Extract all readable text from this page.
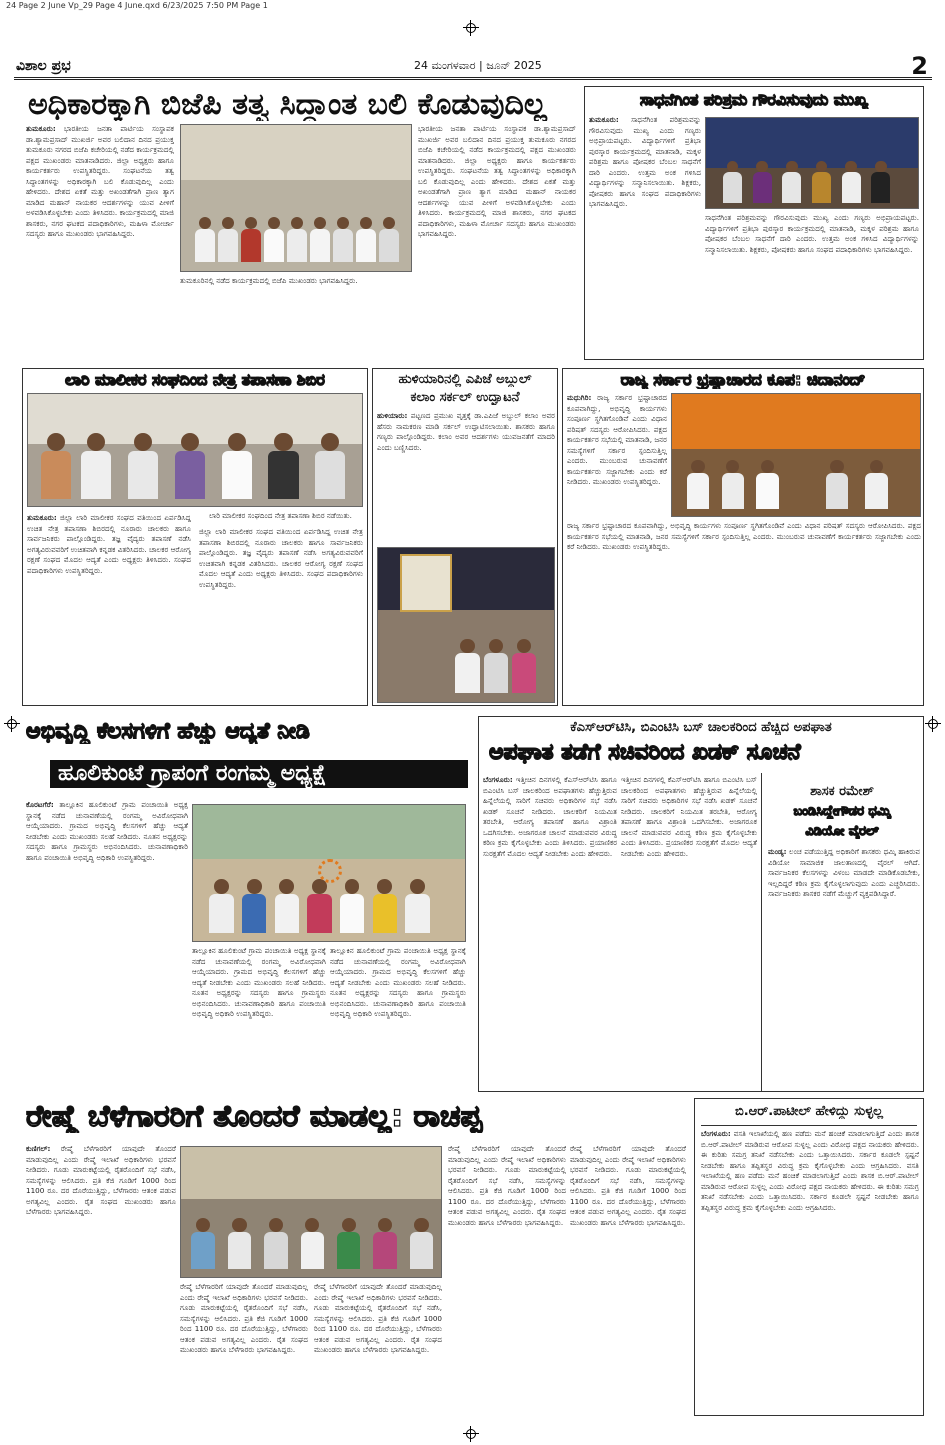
24 Page 2 June Vp_29 Page 4 June.qxd 6/23/2025 7:50 PM Page 1
ವಿಶಾಲ ಪ್ರಭ	24 ಮಂಗಳವಾರ | ಜೂನ್ 2025	2
ಅಧಿಕಾರಕ್ಕಾಗಿ ಬಿಜೆಪಿ ತತ್ವ ಸಿದ್ಧಾಂತ ಬಲಿ ಕೊಡುವುದಿಲ್ಲ
ತುಮಕೂರು: ಭಾರತೀಯ ಜನತಾ ಪಾರ್ಟಿಯ ಸಂಸ್ಥಾಪಕ ಡಾ.ಶ್ಯಾಮಪ್ರಸಾದ್ ಮುಖರ್ಜಿ ಅವರ ಬಲಿದಾನ ದಿನದ ಪ್ರಯುಕ್ತ ತುಮಕೂರು ನಗರದ ಬಿಜೆಪಿ ಕಚೇರಿಯಲ್ಲಿ ನಡೆದ ಕಾರ್ಯಕ್ರಮದಲ್ಲಿ ಪಕ್ಷದ ಮುಖಂಡರು ಮಾತನಾಡಿದರು. ಜಿಲ್ಲಾ ಅಧ್ಯಕ್ಷರು ಹಾಗೂ ಕಾರ್ಯಕರ್ತರು ಉಪಸ್ಥಿತರಿದ್ದರು. ಸಂಘಟನೆಯ ತತ್ವ ಸಿದ್ಧಾಂತಗಳನ್ನು ಅಧಿಕಾರಕ್ಕಾಗಿ ಬಲಿ ಕೊಡುವುದಿಲ್ಲ ಎಂದು ಹೇಳಿದರು. ದೇಶದ ಏಕತೆ ಮತ್ತು ಅಖಂಡತೆಗಾಗಿ ಪ್ರಾಣ ತ್ಯಾಗ ಮಾಡಿದ ಮಹಾನ್ ನಾಯಕರ ಆದರ್ಶಗಳನ್ನು ಯುವ ಪೀಳಿಗೆ ಅಳವಡಿಸಿಕೊಳ್ಳಬೇಕು ಎಂದು ತಿಳಿಸಿದರು. ಕಾರ್ಯಕ್ರಮದಲ್ಲಿ ಮಾಜಿ ಶಾಸಕರು, ನಗರ ಘಟಕದ ಪದಾಧಿಕಾರಿಗಳು, ಮಹಿಳಾ ಮೋರ್ಚಾ ಸದಸ್ಯರು ಹಾಗೂ ಮುಖಂಡರು ಭಾಗವಹಿಸಿದ್ದರು.
ತುಮಕೂರಿನಲ್ಲಿ ನಡೆದ ಕಾರ್ಯಕ್ರಮದಲ್ಲಿ ಬಿಜೆಪಿ ಮುಖಂಡರು ಭಾಗವಹಿಸಿದ್ದರು.
ಭಾರತೀಯ ಜನತಾ ಪಾರ್ಟಿಯ ಸಂಸ್ಥಾಪಕ ಡಾ.ಶ್ಯಾಮಪ್ರಸಾದ್ ಮುಖರ್ಜಿ ಅವರ ಬಲಿದಾನ ದಿನದ ಪ್ರಯುಕ್ತ ತುಮಕೂರು ನಗರದ ಬಿಜೆಪಿ ಕಚೇರಿಯಲ್ಲಿ ನಡೆದ ಕಾರ್ಯಕ್ರಮದಲ್ಲಿ ಪಕ್ಷದ ಮುಖಂಡರು ಮಾತನಾಡಿದರು. ಜಿಲ್ಲಾ ಅಧ್ಯಕ್ಷರು ಹಾಗೂ ಕಾರ್ಯಕರ್ತರು ಉಪಸ್ಥಿತರಿದ್ದರು. ಸಂಘಟನೆಯ ತತ್ವ ಸಿದ್ಧಾಂತಗಳನ್ನು ಅಧಿಕಾರಕ್ಕಾಗಿ ಬಲಿ ಕೊಡುವುದಿಲ್ಲ ಎಂದು ಹೇಳಿದರು. ದೇಶದ ಏಕತೆ ಮತ್ತು ಅಖಂಡತೆಗಾಗಿ ಪ್ರಾಣ ತ್ಯಾಗ ಮಾಡಿದ ಮಹಾನ್ ನಾಯಕರ ಆದರ್ಶಗಳನ್ನು ಯುವ ಪೀಳಿಗೆ ಅಳವಡಿಸಿಕೊಳ್ಳಬೇಕು ಎಂದು ತಿಳಿಸಿದರು. ಕಾರ್ಯಕ್ರಮದಲ್ಲಿ ಮಾಜಿ ಶಾಸಕರು, ನಗರ ಘಟಕದ ಪದಾಧಿಕಾರಿಗಳು, ಮಹಿಳಾ ಮೋರ್ಚಾ ಸದಸ್ಯರು ಹಾಗೂ ಮುಖಂಡರು ಭಾಗವಹಿಸಿದ್ದರು.
ಸಾಧನೆಗಿಂತ ಪರಿಶ್ರಮ ಗೌರವಿಸುವುದು ಮುಖ್ಯ
ತುಮಕೂರು: ಸಾಧನೆಗಿಂತ ಪರಿಶ್ರಮವನ್ನು ಗೌರವಿಸುವುದು ಮುಖ್ಯ ಎಂದು ಗಣ್ಯರು ಅಭಿಪ್ರಾಯಪಟ್ಟರು. ವಿದ್ಯಾರ್ಥಿಗಳಿಗೆ ಪ್ರತಿಭಾ ಪುರಸ್ಕಾರ ಕಾರ್ಯಕ್ರಮದಲ್ಲಿ ಮಾತನಾಡಿ, ಮಕ್ಕಳ ಪರಿಶ್ರಮ ಹಾಗೂ ಪೋಷಕರ ಬೆಂಬಲ ಸಾಧನೆಗೆ ದಾರಿ ಎಂದರು. ಉತ್ತಮ ಅಂಕ ಗಳಿಸಿದ ವಿದ್ಯಾರ್ಥಿಗಳನ್ನು ಸನ್ಮಾನಿಸಲಾಯಿತು. ಶಿಕ್ಷಕರು, ಪೋಷಕರು ಹಾಗೂ ಸಂಘದ ಪದಾಧಿಕಾರಿಗಳು ಭಾಗವಹಿಸಿದ್ದರು.
ಸಾಧನೆಗಿಂತ ಪರಿಶ್ರಮವನ್ನು ಗೌರವಿಸುವುದು ಮುಖ್ಯ ಎಂದು ಗಣ್ಯರು ಅಭಿಪ್ರಾಯಪಟ್ಟರು. ವಿದ್ಯಾರ್ಥಿಗಳಿಗೆ ಪ್ರತಿಭಾ ಪುರಸ್ಕಾರ ಕಾರ್ಯಕ್ರಮದಲ್ಲಿ ಮಾತನಾಡಿ, ಮಕ್ಕಳ ಪರಿಶ್ರಮ ಹಾಗೂ ಪೋಷಕರ ಬೆಂಬಲ ಸಾಧನೆಗೆ ದಾರಿ ಎಂದರು. ಉತ್ತಮ ಅಂಕ ಗಳಿಸಿದ ವಿದ್ಯಾರ್ಥಿಗಳನ್ನು ಸನ್ಮಾನಿಸಲಾಯಿತು. ಶಿಕ್ಷಕರು, ಪೋಷಕರು ಹಾಗೂ ಸಂಘದ ಪದಾಧಿಕಾರಿಗಳು ಭಾಗವಹಿಸಿದ್ದರು.
ಲಾರಿ ಮಾಲೀಕರ ಸಂಘದಿಂದ ನೇತ್ರ ತಪಾಸಣಾ ಶಿಬಿರ
ಲಾರಿ ಮಾಲೀಕರ ಸಂಘದಿಂದ ನೇತ್ರ ತಪಾಸಣಾ ಶಿಬಿರ ನಡೆಯಿತು.
ತುಮಕೂರು: ಜಿಲ್ಲಾ ಲಾರಿ ಮಾಲೀಕರ ಸಂಘದ ವತಿಯಿಂದ ಏರ್ಪಡಿಸಿದ್ದ ಉಚಿತ ನೇತ್ರ ತಪಾಸಣಾ ಶಿಬಿರದಲ್ಲಿ ನೂರಾರು ಚಾಲಕರು ಹಾಗೂ ಸಾರ್ವಜನಿಕರು ಪಾಲ್ಗೊಂಡಿದ್ದರು. ತಜ್ಞ ವೈದ್ಯರು ತಪಾಸಣೆ ನಡೆಸಿ ಅಗತ್ಯವಿರುವವರಿಗೆ ಉಚಿತವಾಗಿ ಕನ್ನಡಕ ವಿತರಿಸಿದರು. ಚಾಲಕರ ಆರೋಗ್ಯ ರಕ್ಷಣೆ ಸಂಘದ ಮೊದಲ ಆದ್ಯತೆ ಎಂದು ಅಧ್ಯಕ್ಷರು ತಿಳಿಸಿದರು. ಸಂಘದ ಪದಾಧಿಕಾರಿಗಳು ಉಪಸ್ಥಿತರಿದ್ದರು.
ಜಿಲ್ಲಾ ಲಾರಿ ಮಾಲೀಕರ ಸಂಘದ ವತಿಯಿಂದ ಏರ್ಪಡಿಸಿದ್ದ ಉಚಿತ ನೇತ್ರ ತಪಾಸಣಾ ಶಿಬಿರದಲ್ಲಿ ನೂರಾರು ಚಾಲಕರು ಹಾಗೂ ಸಾರ್ವಜನಿಕರು ಪಾಲ್ಗೊಂಡಿದ್ದರು. ತಜ್ಞ ವೈದ್ಯರು ತಪಾಸಣೆ ನಡೆಸಿ ಅಗತ್ಯವಿರುವವರಿಗೆ ಉಚಿತವಾಗಿ ಕನ್ನಡಕ ವಿತರಿಸಿದರು. ಚಾಲಕರ ಆರೋಗ್ಯ ರಕ್ಷಣೆ ಸಂಘದ ಮೊದಲ ಆದ್ಯತೆ ಎಂದು ಅಧ್ಯಕ್ಷರು ತಿಳಿಸಿದರು. ಸಂಘದ ಪದಾಧಿಕಾರಿಗಳು ಉಪಸ್ಥಿತರಿದ್ದರು.
ಹುಳಿಯಾರಿನಲ್ಲಿ ಎಪಿಜೆ ಅಬ್ದುಲ್
ಕಲಾಂ ಸರ್ಕಲ್ ಉದ್ಘಾಟನೆ
ಹುಳಿಯಾರು: ಪಟ್ಟಣದ ಪ್ರಮುಖ ವೃತ್ತಕ್ಕೆ ಡಾ.ಎಪಿಜೆ ಅಬ್ದುಲ್ ಕಲಾಂ ಅವರ ಹೆಸರು ನಾಮಕರಣ ಮಾಡಿ ಸರ್ಕಲ್ ಉದ್ಘಾಟಿಸಲಾಯಿತು. ಶಾಸಕರು ಹಾಗೂ ಗಣ್ಯರು ಪಾಲ್ಗೊಂಡಿದ್ದರು. ಕಲಾಂ ಅವರ ಆದರ್ಶಗಳು ಯುವಜನತೆಗೆ ಮಾದರಿ ಎಂದು ಬಣ್ಣಿಸಿದರು.
ರಾಜ್ಯ ಸರ್ಕಾರ ಭ್ರಷ್ಟಾಚಾರದ ಕೂಪ: ಚಿದಾನಂದ್
ಮಧುಗಿರಿ: ರಾಜ್ಯ ಸರ್ಕಾರ ಭ್ರಷ್ಟಾಚಾರದ ಕೂಪವಾಗಿದ್ದು, ಅಭಿವೃದ್ಧಿ ಕಾರ್ಯಗಳು ಸಂಪೂರ್ಣ ಸ್ಥಗಿತಗೊಂಡಿವೆ ಎಂದು ವಿಧಾನ ಪರಿಷತ್ ಸದಸ್ಯರು ಆರೋಪಿಸಿದರು. ಪಕ್ಷದ ಕಾರ್ಯಕರ್ತರ ಸಭೆಯಲ್ಲಿ ಮಾತನಾಡಿ, ಜನರ ಸಮಸ್ಯೆಗಳಿಗೆ ಸರ್ಕಾರ ಸ್ಪಂದಿಸುತ್ತಿಲ್ಲ ಎಂದರು. ಮುಂಬರುವ ಚುನಾವಣೆಗೆ ಕಾರ್ಯಕರ್ತರು ಸಜ್ಜಾಗಬೇಕು ಎಂದು ಕರೆ ನೀಡಿದರು. ಮುಖಂಡರು ಉಪಸ್ಥಿತರಿದ್ದರು.
ರಾಜ್ಯ ಸರ್ಕಾರ ಭ್ರಷ್ಟಾಚಾರದ ಕೂಪವಾಗಿದ್ದು, ಅಭಿವೃದ್ಧಿ ಕಾರ್ಯಗಳು ಸಂಪೂರ್ಣ ಸ್ಥಗಿತಗೊಂಡಿವೆ ಎಂದು ವಿಧಾನ ಪರಿಷತ್ ಸದಸ್ಯರು ಆರೋಪಿಸಿದರು. ಪಕ್ಷದ ಕಾರ್ಯಕರ್ತರ ಸಭೆಯಲ್ಲಿ ಮಾತನಾಡಿ, ಜನರ ಸಮಸ್ಯೆಗಳಿಗೆ ಸರ್ಕಾರ ಸ್ಪಂದಿಸುತ್ತಿಲ್ಲ ಎಂದರು. ಮುಂಬರುವ ಚುನಾವಣೆಗೆ ಕಾರ್ಯಕರ್ತರು ಸಜ್ಜಾಗಬೇಕು ಎಂದು ಕರೆ ನೀಡಿದರು. ಮುಖಂಡರು ಉಪಸ್ಥಿತರಿದ್ದರು.
ಅಭಿವೃದ್ಧಿ ಕೆಲಸಗಳಿಗೆ ಹೆಚ್ಚು ಆದ್ಯತೆ ನೀಡಿ
ಹೂಲಿಕುಂಟೆ ಗ್ರಾಪಂಗೆ ರಂಗಮ್ಮ ಅಧ್ಯಕ್ಷೆ
ಕೊರಟಗೆರೆ: ತಾಲ್ಲೂಕಿನ ಹೂಲಿಕುಂಟೆ ಗ್ರಾಮ ಪಂಚಾಯಿತಿ ಅಧ್ಯಕ್ಷ ಸ್ಥಾನಕ್ಕೆ ನಡೆದ ಚುನಾವಣೆಯಲ್ಲಿ ರಂಗಮ್ಮ ಅವಿರೋಧವಾಗಿ ಆಯ್ಕೆಯಾದರು. ಗ್ರಾಮದ ಅಭಿವೃದ್ಧಿ ಕೆಲಸಗಳಿಗೆ ಹೆಚ್ಚು ಆದ್ಯತೆ ನೀಡಬೇಕು ಎಂದು ಮುಖಂಡರು ಸಲಹೆ ನೀಡಿದರು. ನೂತನ ಅಧ್ಯಕ್ಷರನ್ನು ಸದಸ್ಯರು ಹಾಗೂ ಗ್ರಾಮಸ್ಥರು ಅಭಿನಂದಿಸಿದರು. ಚುನಾವಣಾಧಿಕಾರಿ ಹಾಗೂ ಪಂಚಾಯಿತಿ ಅಭಿವೃದ್ಧಿ ಅಧಿಕಾರಿ ಉಪಸ್ಥಿತರಿದ್ದರು.
ತಾಲ್ಲೂಕಿನ ಹೂಲಿಕುಂಟೆ ಗ್ರಾಮ ಪಂಚಾಯಿತಿ ಅಧ್ಯಕ್ಷ ಸ್ಥಾನಕ್ಕೆ ನಡೆದ ಚುನಾವಣೆಯಲ್ಲಿ ರಂಗಮ್ಮ ಅವಿರೋಧವಾಗಿ ಆಯ್ಕೆಯಾದರು. ಗ್ರಾಮದ ಅಭಿವೃದ್ಧಿ ಕೆಲಸಗಳಿಗೆ ಹೆಚ್ಚು ಆದ್ಯತೆ ನೀಡಬೇಕು ಎಂದು ಮುಖಂಡರು ಸಲಹೆ ನೀಡಿದರು. ನೂತನ ಅಧ್ಯಕ್ಷರನ್ನು ಸದಸ್ಯರು ಹಾಗೂ ಗ್ರಾಮಸ್ಥರು ಅಭಿನಂದಿಸಿದರು. ಚುನಾವಣಾಧಿಕಾರಿ ಹಾಗೂ ಪಂಚಾಯಿತಿ ಅಭಿವೃದ್ಧಿ ಅಧಿಕಾರಿ ಉಪಸ್ಥಿತರಿದ್ದರು.
ತಾಲ್ಲೂಕಿನ ಹೂಲಿಕುಂಟೆ ಗ್ರಾಮ ಪಂಚಾಯಿತಿ ಅಧ್ಯಕ್ಷ ಸ್ಥಾನಕ್ಕೆ ನಡೆದ ಚುನಾವಣೆಯಲ್ಲಿ ರಂಗಮ್ಮ ಅವಿರೋಧವಾಗಿ ಆಯ್ಕೆಯಾದರು. ಗ್ರಾಮದ ಅಭಿವೃದ್ಧಿ ಕೆಲಸಗಳಿಗೆ ಹೆಚ್ಚು ಆದ್ಯತೆ ನೀಡಬೇಕು ಎಂದು ಮುಖಂಡರು ಸಲಹೆ ನೀಡಿದರು. ನೂತನ ಅಧ್ಯಕ್ಷರನ್ನು ಸದಸ್ಯರು ಹಾಗೂ ಗ್ರಾಮಸ್ಥರು ಅಭಿನಂದಿಸಿದರು. ಚುನಾವಣಾಧಿಕಾರಿ ಹಾಗೂ ಪಂಚಾಯಿತಿ ಅಭಿವೃದ್ಧಿ ಅಧಿಕಾರಿ ಉಪಸ್ಥಿತರಿದ್ದರು.
ಕೆಎಸ್‌ಆರ್‌ಟಿಸಿ, ಬಿಎಂಟಿಸಿ ಬಸ್ ಚಾಲಕರಿಂದ ಹೆಚ್ಚಿದ ಅಪಘಾತ
ಅಪಘಾತ ತಡೆಗೆ ಸಚಿವರಿಂದ ಖಡಕ್ ಸೂಚನೆ
ಬೆಂಗಳೂರು: ಇತ್ತೀಚಿನ ದಿನಗಳಲ್ಲಿ ಕೆಎಸ್‌ಆರ್‌ಟಿಸಿ ಹಾಗೂ ಬಿಎಂಟಿಸಿ ಬಸ್ ಚಾಲಕರಿಂದ ಅಪಘಾತಗಳು ಹೆಚ್ಚುತ್ತಿರುವ ಹಿನ್ನೆಲೆಯಲ್ಲಿ ಸಾರಿಗೆ ಸಚಿವರು ಅಧಿಕಾರಿಗಳ ಸಭೆ ನಡೆಸಿ ಖಡಕ್ ಸೂಚನೆ ನೀಡಿದರು. ಚಾಲಕರಿಗೆ ನಿಯಮಿತ ತರಬೇತಿ, ಆರೋಗ್ಯ ತಪಾಸಣೆ ಹಾಗೂ ವಿಶ್ರಾಂತಿ ಒದಗಿಸಬೇಕು. ಅಜಾಗರೂಕ ಚಾಲನೆ ಮಾಡುವವರ ವಿರುದ್ಧ ಕಠಿಣ ಕ್ರಮ ಕೈಗೊಳ್ಳಬೇಕು ಎಂದು ತಿಳಿಸಿದರು. ಪ್ರಯಾಣಿಕರ ಸುರಕ್ಷತೆಗೆ ಮೊದಲ ಆದ್ಯತೆ ನೀಡಬೇಕು ಎಂದು ಹೇಳಿದರು.
ಇತ್ತೀಚಿನ ದಿನಗಳಲ್ಲಿ ಕೆಎಸ್‌ಆರ್‌ಟಿಸಿ ಹಾಗೂ ಬಿಎಂಟಿಸಿ ಬಸ್ ಚಾಲಕರಿಂದ ಅಪಘಾತಗಳು ಹೆಚ್ಚುತ್ತಿರುವ ಹಿನ್ನೆಲೆಯಲ್ಲಿ ಸಾರಿಗೆ ಸಚಿವರು ಅಧಿಕಾರಿಗಳ ಸಭೆ ನಡೆಸಿ ಖಡಕ್ ಸೂಚನೆ ನೀಡಿದರು. ಚಾಲಕರಿಗೆ ನಿಯಮಿತ ತರಬೇತಿ, ಆರೋಗ್ಯ ತಪಾಸಣೆ ಹಾಗೂ ವಿಶ್ರಾಂತಿ ಒದಗಿಸಬೇಕು. ಅಜಾಗರೂಕ ಚಾಲನೆ ಮಾಡುವವರ ವಿರುದ್ಧ ಕಠಿಣ ಕ್ರಮ ಕೈಗೊಳ್ಳಬೇಕು ಎಂದು ತಿಳಿಸಿದರು. ಪ್ರಯಾಣಿಕರ ಸುರಕ್ಷತೆಗೆ ಮೊದಲ ಆದ್ಯತೆ ನೀಡಬೇಕು ಎಂದು ಹೇಳಿದರು.
ಶಾಸಕ ರಮೇಶ್
ಬಂಡಿಸಿದ್ದೇಗೌಡರ ಧಮ್ಕಿ
ವಿಡಿಯೋ ವೈರಲ್
ಮಂಡ್ಯ: ಲಂಚ ಪಡೆಯುತ್ತಿದ್ದ ಅಧಿಕಾರಿಗೆ ಶಾಸಕರು ಧಮ್ಕಿ ಹಾಕಿರುವ ವಿಡಿಯೋ ಸಾಮಾಜಿಕ ಜಾಲತಾಣದಲ್ಲಿ ವೈರಲ್ ಆಗಿದೆ. ಸಾರ್ವಜನಿಕರ ಕೆಲಸಗಳನ್ನು ವಿಳಂಬ ಮಾಡದೇ ಮಾಡಿಕೊಡಬೇಕು, ಇಲ್ಲದಿದ್ದರೆ ಕಠಿಣ ಕ್ರಮ ಕೈಗೊಳ್ಳಲಾಗುವುದು ಎಂದು ಎಚ್ಚರಿಸಿದರು. ಸಾರ್ವಜನಿಕರು ಶಾಸಕರ ನಡೆಗೆ ಮೆಚ್ಚುಗೆ ವ್ಯಕ್ತಪಡಿಸಿದ್ದಾರೆ.
ರೇಷ್ಮೆ ಬೆಳೆಗಾರರಿಗೆ ತೊಂದರೆ ಮಾಡಲ್ಲ: ರಾಚಪ್ಪ
ಕುಣಿಗಲ್: ರೇಷ್ಮೆ ಬೆಳೆಗಾರರಿಗೆ ಯಾವುದೇ ತೊಂದರೆ ಮಾಡುವುದಿಲ್ಲ ಎಂದು ರೇಷ್ಮೆ ಇಲಾಖೆ ಅಧಿಕಾರಿಗಳು ಭರವಸೆ ನೀಡಿದರು. ಗೂಡು ಮಾರುಕಟ್ಟೆಯಲ್ಲಿ ರೈತರೊಂದಿಗೆ ಸಭೆ ನಡೆಸಿ, ಸಮಸ್ಯೆಗಳನ್ನು ಆಲಿಸಿದರು. ಪ್ರತಿ ಕೆಜಿ ಗೂಡಿಗೆ 1000 ರಿಂದ 1100 ರೂ. ದರ ದೊರೆಯುತ್ತಿದ್ದು, ಬೆಳೆಗಾರರು ಆತಂಕ ಪಡುವ ಅಗತ್ಯವಿಲ್ಲ ಎಂದರು. ರೈತ ಸಂಘದ ಮುಖಂಡರು ಹಾಗೂ ಬೆಳೆಗಾರರು ಭಾಗವಹಿಸಿದ್ದರು.
ರೇಷ್ಮೆ ಬೆಳೆಗಾರರಿಗೆ ಯಾವುದೇ ತೊಂದರೆ ಮಾಡುವುದಿಲ್ಲ ಎಂದು ರೇಷ್ಮೆ ಇಲಾಖೆ ಅಧಿಕಾರಿಗಳು ಭರವಸೆ ನೀಡಿದರು. ಗೂಡು ಮಾರುಕಟ್ಟೆಯಲ್ಲಿ ರೈತರೊಂದಿಗೆ ಸಭೆ ನಡೆಸಿ, ಸಮಸ್ಯೆಗಳನ್ನು ಆಲಿಸಿದರು. ಪ್ರತಿ ಕೆಜಿ ಗೂಡಿಗೆ 1000 ರಿಂದ 1100 ರೂ. ದರ ದೊರೆಯುತ್ತಿದ್ದು, ಬೆಳೆಗಾರರು ಆತಂಕ ಪಡುವ ಅಗತ್ಯವಿಲ್ಲ ಎಂದರು. ರೈತ ಸಂಘದ ಮುಖಂಡರು ಹಾಗೂ ಬೆಳೆಗಾರರು ಭಾಗವಹಿಸಿದ್ದರು.
ರೇಷ್ಮೆ ಬೆಳೆಗಾರರಿಗೆ ಯಾವುದೇ ತೊಂದರೆ ಮಾಡುವುದಿಲ್ಲ ಎಂದು ರೇಷ್ಮೆ ಇಲಾಖೆ ಅಧಿಕಾರಿಗಳು ಭರವಸೆ ನೀಡಿದರು. ಗೂಡು ಮಾರುಕಟ್ಟೆಯಲ್ಲಿ ರೈತರೊಂದಿಗೆ ಸಭೆ ನಡೆಸಿ, ಸಮಸ್ಯೆಗಳನ್ನು ಆಲಿಸಿದರು. ಪ್ರತಿ ಕೆಜಿ ಗೂಡಿಗೆ 1000 ರಿಂದ 1100 ರೂ. ದರ ದೊರೆಯುತ್ತಿದ್ದು, ಬೆಳೆಗಾರರು ಆತಂಕ ಪಡುವ ಅಗತ್ಯವಿಲ್ಲ ಎಂದರು. ರೈತ ಸಂಘದ ಮುಖಂಡರು ಹಾಗೂ ಬೆಳೆಗಾರರು ಭಾಗವಹಿಸಿದ್ದರು.
ರೇಷ್ಮೆ ಬೆಳೆಗಾರರಿಗೆ ಯಾವುದೇ ತೊಂದರೆ ಮಾಡುವುದಿಲ್ಲ ಎಂದು ರೇಷ್ಮೆ ಇಲಾಖೆ ಅಧಿಕಾರಿಗಳು ಭರವಸೆ ನೀಡಿದರು. ಗೂಡು ಮಾರುಕಟ್ಟೆಯಲ್ಲಿ ರೈತರೊಂದಿಗೆ ಸಭೆ ನಡೆಸಿ, ಸಮಸ್ಯೆಗಳನ್ನು ಆಲಿಸಿದರು. ಪ್ರತಿ ಕೆಜಿ ಗೂಡಿಗೆ 1000 ರಿಂದ 1100 ರೂ. ದರ ದೊರೆಯುತ್ತಿದ್ದು, ಬೆಳೆಗಾರರು ಆತಂಕ ಪಡುವ ಅಗತ್ಯವಿಲ್ಲ ಎಂದರು. ರೈತ ಸಂಘದ ಮುಖಂಡರು ಹಾಗೂ ಬೆಳೆಗಾರರು ಭಾಗವಹಿಸಿದ್ದರು.
ರೇಷ್ಮೆ ಬೆಳೆಗಾರರಿಗೆ ಯಾವುದೇ ತೊಂದರೆ ಮಾಡುವುದಿಲ್ಲ ಎಂದು ರೇಷ್ಮೆ ಇಲಾಖೆ ಅಧಿಕಾರಿಗಳು ಭರವಸೆ ನೀಡಿದರು. ಗೂಡು ಮಾರುಕಟ್ಟೆಯಲ್ಲಿ ರೈತರೊಂದಿಗೆ ಸಭೆ ನಡೆಸಿ, ಸಮಸ್ಯೆಗಳನ್ನು ಆಲಿಸಿದರು. ಪ್ರತಿ ಕೆಜಿ ಗೂಡಿಗೆ 1000 ರಿಂದ 1100 ರೂ. ದರ ದೊರೆಯುತ್ತಿದ್ದು, ಬೆಳೆಗಾರರು ಆತಂಕ ಪಡುವ ಅಗತ್ಯವಿಲ್ಲ ಎಂದರು. ರೈತ ಸಂಘದ ಮುಖಂಡರು ಹಾಗೂ ಬೆಳೆಗಾರರು ಭಾಗವಹಿಸಿದ್ದರು.
ಬಿ.ಆರ್.ಪಾಟೀಲ್ ಹೇಳಿದ್ದು ಸುಳ್ಳಲ್ಲ
ಬೆಂಗಳೂರು: ವಸತಿ ಇಲಾಖೆಯಲ್ಲಿ ಹಣ ಪಡೆದು ಮನೆ ಹಂಚಿಕೆ ಮಾಡಲಾಗುತ್ತಿದೆ ಎಂದು ಶಾಸಕ ಬಿ.ಆರ್.ಪಾಟೀಲ್ ಮಾಡಿರುವ ಆರೋಪ ಸುಳ್ಳಲ್ಲ ಎಂದು ವಿರೋಧ ಪಕ್ಷದ ನಾಯಕರು ಹೇಳಿದರು. ಈ ಕುರಿತು ಸಮಗ್ರ ತನಿಖೆ ನಡೆಸಬೇಕು ಎಂದು ಒತ್ತಾಯಿಸಿದರು. ಸರ್ಕಾರ ಕೂಡಲೇ ಸ್ಪಷ್ಟನೆ ನೀಡಬೇಕು ಹಾಗೂ ತಪ್ಪಿತಸ್ಥರ ವಿರುದ್ಧ ಕ್ರಮ ಕೈಗೊಳ್ಳಬೇಕು ಎಂದು ಆಗ್ರಹಿಸಿದರು. ವಸತಿ ಇಲಾಖೆಯಲ್ಲಿ ಹಣ ಪಡೆದು ಮನೆ ಹಂಚಿಕೆ ಮಾಡಲಾಗುತ್ತಿದೆ ಎಂದು ಶಾಸಕ ಬಿ.ಆರ್.ಪಾಟೀಲ್ ಮಾಡಿರುವ ಆರೋಪ ಸುಳ್ಳಲ್ಲ ಎಂದು ವಿರೋಧ ಪಕ್ಷದ ನಾಯಕರು ಹೇಳಿದರು. ಈ ಕುರಿತು ಸಮಗ್ರ ತನಿಖೆ ನಡೆಸಬೇಕು ಎಂದು ಒತ್ತಾಯಿಸಿದರು. ಸರ್ಕಾರ ಕೂಡಲೇ ಸ್ಪಷ್ಟನೆ ನೀಡಬೇಕು ಹಾಗೂ ತಪ್ಪಿತಸ್ಥರ ವಿರುದ್ಧ ಕ್ರಮ ಕೈಗೊಳ್ಳಬೇಕು ಎಂದು ಆಗ್ರಹಿಸಿದರು.
